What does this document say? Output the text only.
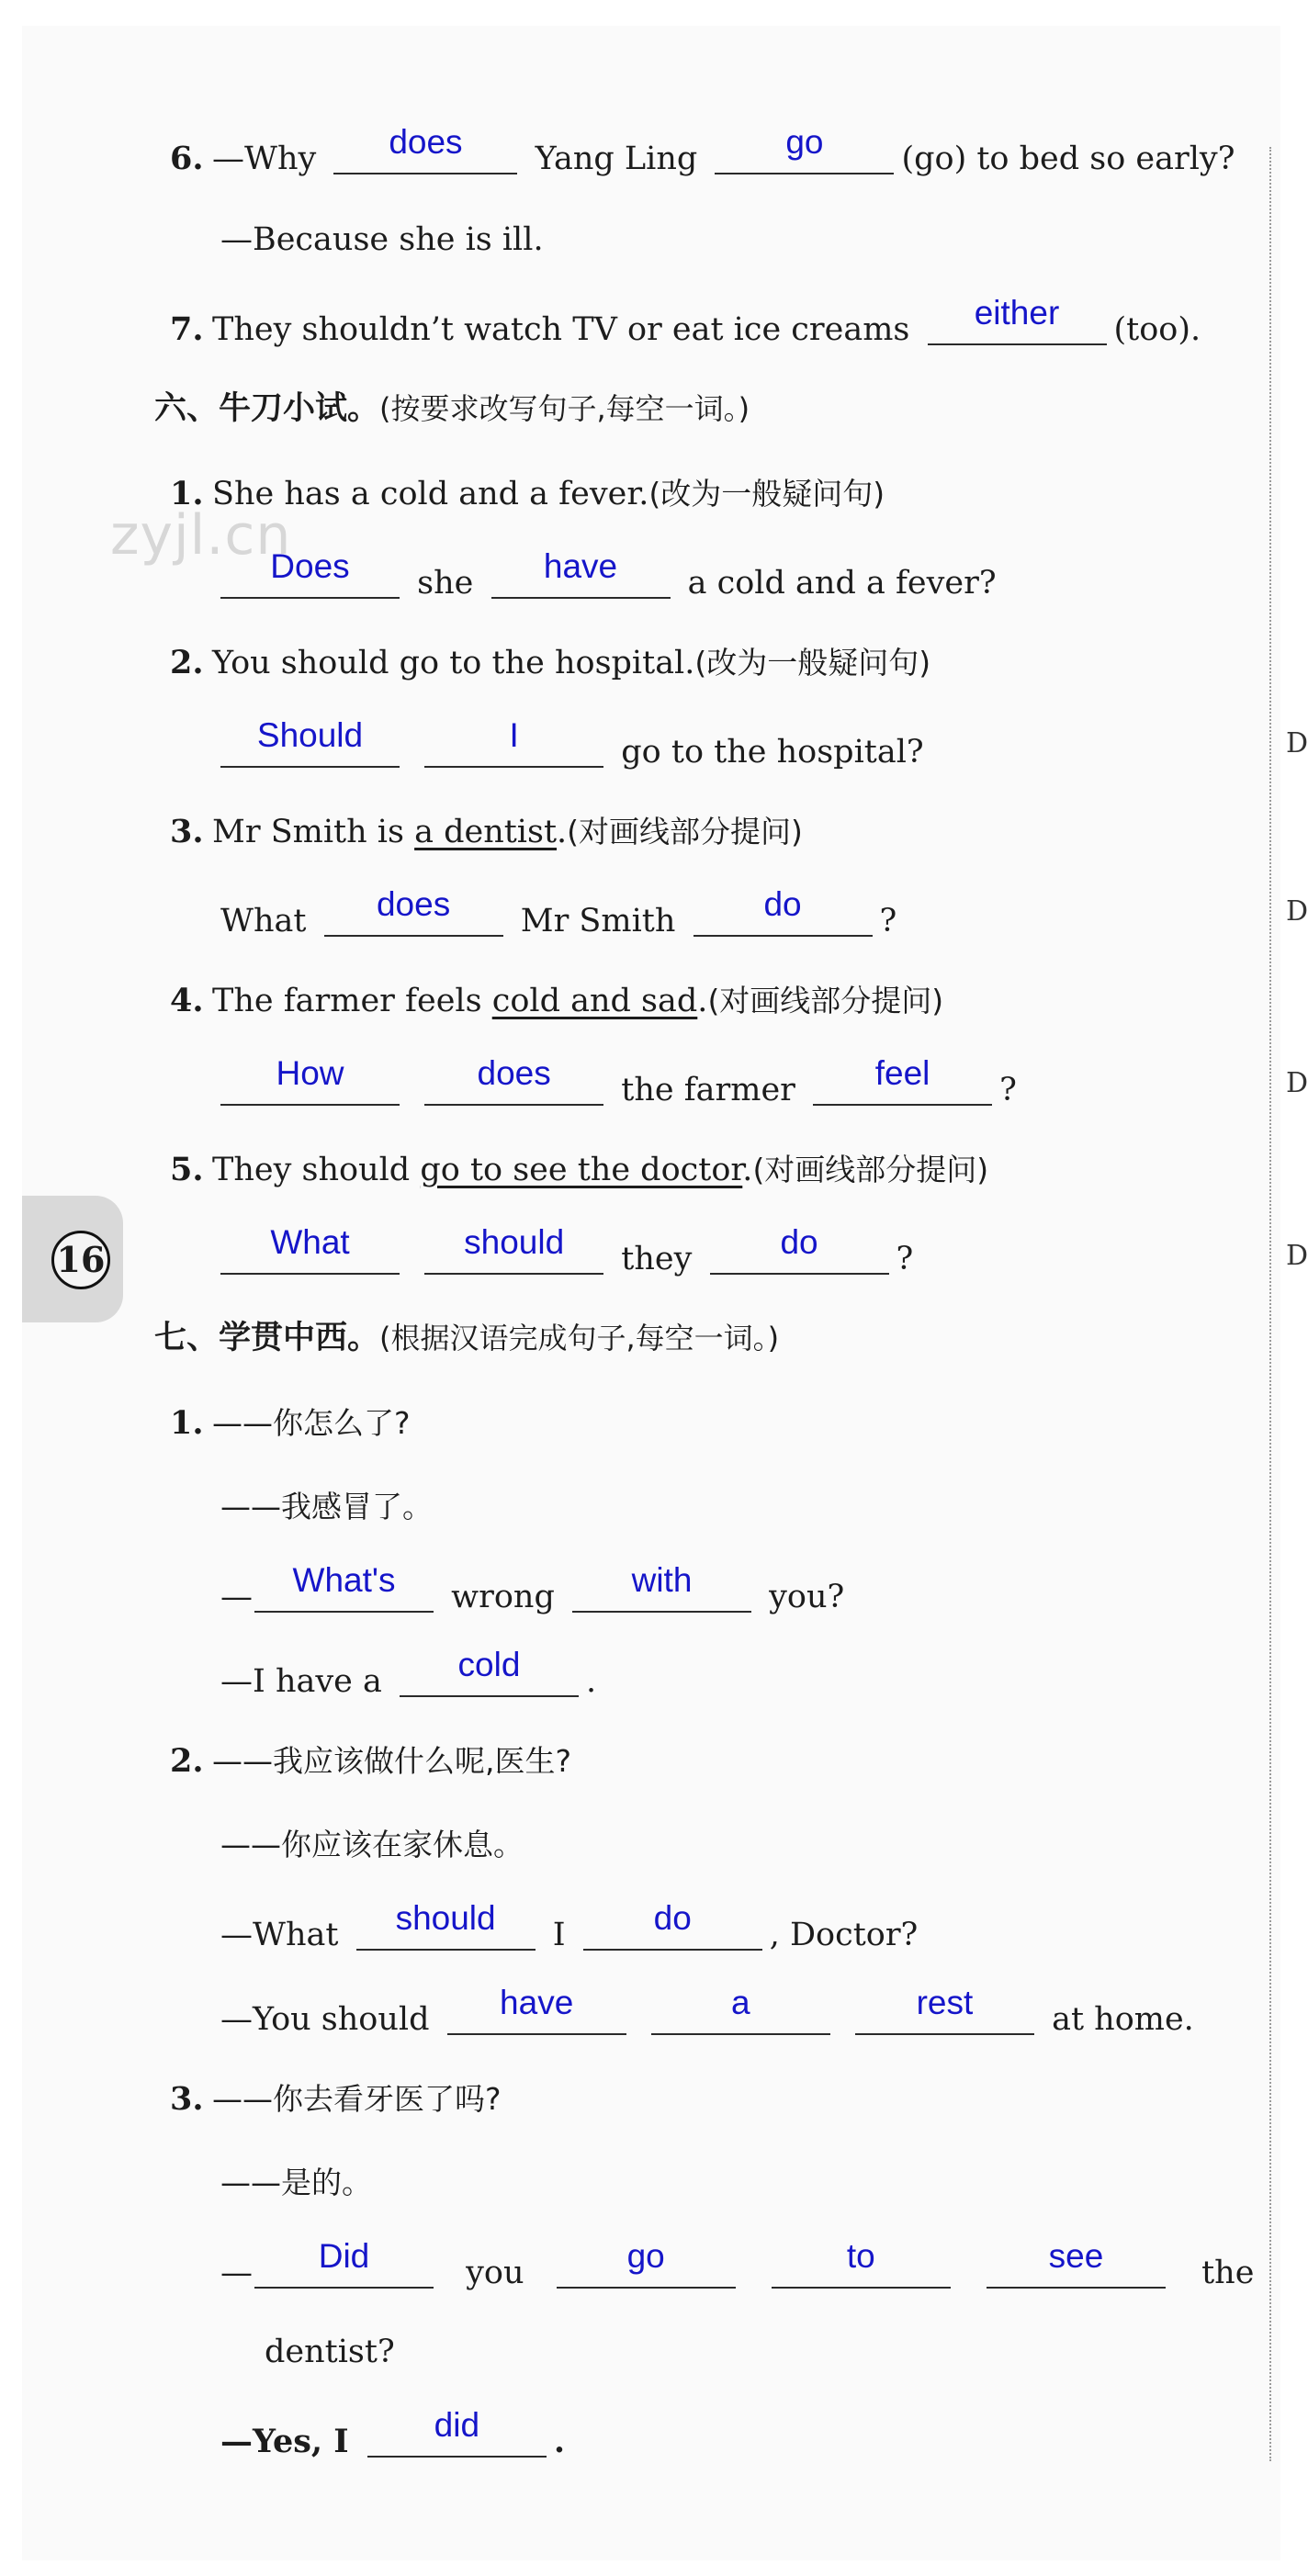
D
D
D
D
zyjl.cn
16
6. —Why	does	Yang Ling	go	(go) to bed so early?
—Because she is ill.
7. They shouldn’t watch TV or eat ice creams	either	(too).
六、牛刀小试。(按要求改写句子,每空一词。)
1. She has a cold and a fever.(改为一般疑问句)
Does	she	have	a cold and a fever?
2. You should go to the hospital.(改为一般疑问句)
Should
	I	go to the hospital?
3. Mr Smith is a dentist.(对画线部分提问)
What	does	Mr Smith	do	?
4. The farmer feels cold and sad.(对画线部分提问)
How
	does	the farmer	feel	?
5. They should go to see the doctor.(对画线部分提问)
What
	should	they	do	?
七、学贯中西。(根据汉语完成句子,每空一词。)
1. ——你怎么了?
——我感冒了。
—	What's	wrong	with	you?
—I have a	cold	.
2. ——我应该做什么呢,医生?
——你应该在家休息。
—What	should	I	do	, Doctor?
—You should	have
	a
	rest	at home.
3. ——你去看牙医了吗?
——是的。
—	Did	you	go
	to
	see	the
dentist?
—Yes, I	did	.
